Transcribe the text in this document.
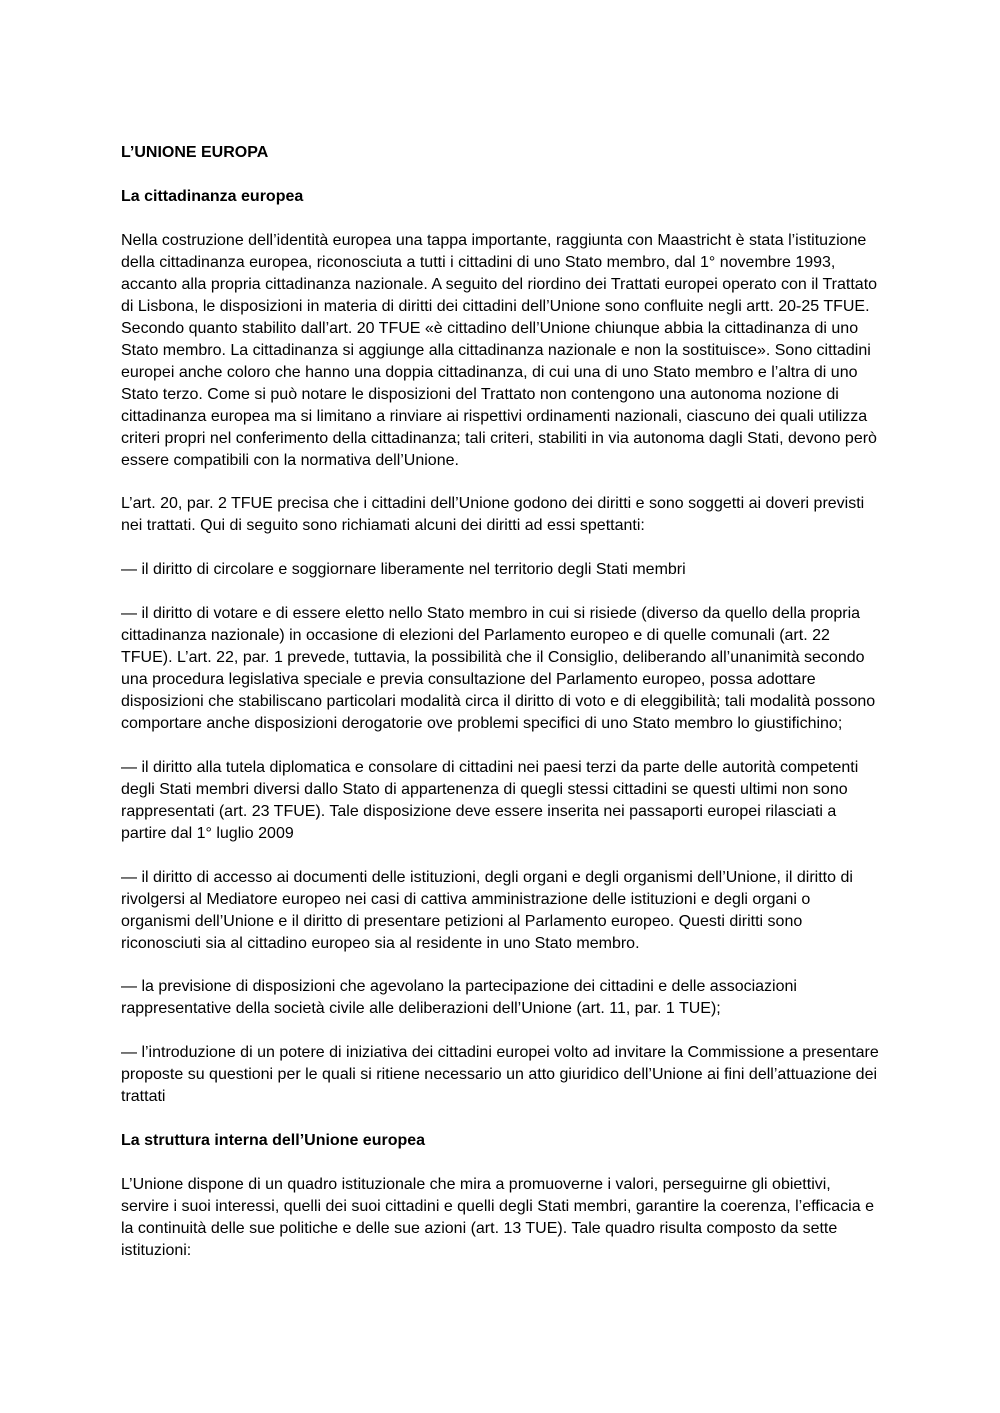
L’UNIONE EUROPA
La cittadinanza europea

Nella costruzione dell’identità europea una tappa importante, raggiunta con Maastricht è stata l’istituzione della cittadinanza europea, riconosciuta a tutti i cittadini di uno Stato membro, dal 1° novembre 1993, accanto alla propria cittadinanza nazionale. A seguito del riordino dei Trattati europei operato con il Trattato di Lisbona, le disposizioni in materia di diritti dei cittadini dell’Unione sono confluite negli artt. 20-25 TFUE. Secondo quanto stabilito dall’art. 20 TFUE «è cittadino dell’Unione chiunque abbia la cittadinanza di uno Stato membro. La cittadinanza si aggiunge alla cittadinanza nazionale e non la sostituisce». Sono cittadini europei anche coloro che hanno una doppia cittadinanza, di cui una di uno Stato membro e l’altra di uno Stato terzo. Come si può notare le disposizioni del Trattato non contengono una autonoma nozione di cittadinanza europea ma si limitano a rinviare ai rispettivi ordinamenti nazionali, ciascuno dei quali utilizza criteri propri nel conferimento della cittadinanza; tali criteri, stabiliti in via autonoma dagli Stati, devono però essere compatibili con la normativa dell’Unione.

L’art. 20, par. 2 TFUE precisa che i cittadini dell’Unione godono dei diritti e sono soggetti ai doveri previsti nei trattati. Qui di seguito sono richiamati alcuni dei diritti ad essi spettanti:

— il diritto di circolare e soggiornare liberamente nel territorio degli Stati membri

— il diritto di votare e di essere eletto nello Stato membro in cui si risiede (diverso da quello della propria cittadinanza nazionale) in occasione di elezioni del Parlamento europeo e di quelle comunali (art. 22 TFUE). L’art. 22, par. 1 prevede, tuttavia, la possibilità che il Consiglio, deliberando all’unanimità secondo una procedura legislativa speciale e previa consultazione del Parlamento europeo, possa adottare disposizioni che stabiliscano particolari modalità circa il diritto di voto e di eleggibilità; tali modalità possono comportare anche disposizioni derogatorie ove problemi specifici di uno Stato membro lo giustifichino;

— il diritto alla tutela diplomatica e consolare di cittadini nei paesi terzi da parte delle autorità competenti degli Stati membri diversi dallo Stato di appartenenza di quegli stessi cittadini se questi ultimi non sono rappresentati (art. 23 TFUE). Tale disposizione deve essere inserita nei passaporti europei rilasciati a partire dal 1° luglio 2009

— il diritto di accesso ai documenti delle istituzioni, degli organi e degli organismi dell’Unione, il diritto di rivolgersi al Mediatore europeo nei casi di cattiva amministrazione delle istituzioni e degli organi o organismi dell’Unione e il diritto di presentare petizioni al Parlamento europeo. Questi diritti sono riconosciuti sia al cittadino europeo sia al residente in uno Stato membro.

— la previsione di disposizioni che agevolano la partecipazione dei cittadini e delle associazioni rappresentative della società civile alle deliberazioni dell’Unione (art. 11, par. 1 TUE);

— l’introduzione di un potere di iniziativa dei cittadini europei volto ad invitare la Commissione a presentare proposte su questioni per le quali si ritiene necessario un atto giuridico dell’Unione ai fini dell’attuazione dei trattati

La struttura interna dell’Unione europea

L’Unione dispone di un quadro istituzionale che mira a promuoverne i valori, perseguirne gli obiettivi, servire i suoi interessi, quelli dei suoi cittadini e quelli degli Stati membri, garantire la coerenza, l’efficacia e la continuità delle sue politiche e delle sue azioni (art. 13 TUE). Tale quadro risulta composto da sette istituzioni:
